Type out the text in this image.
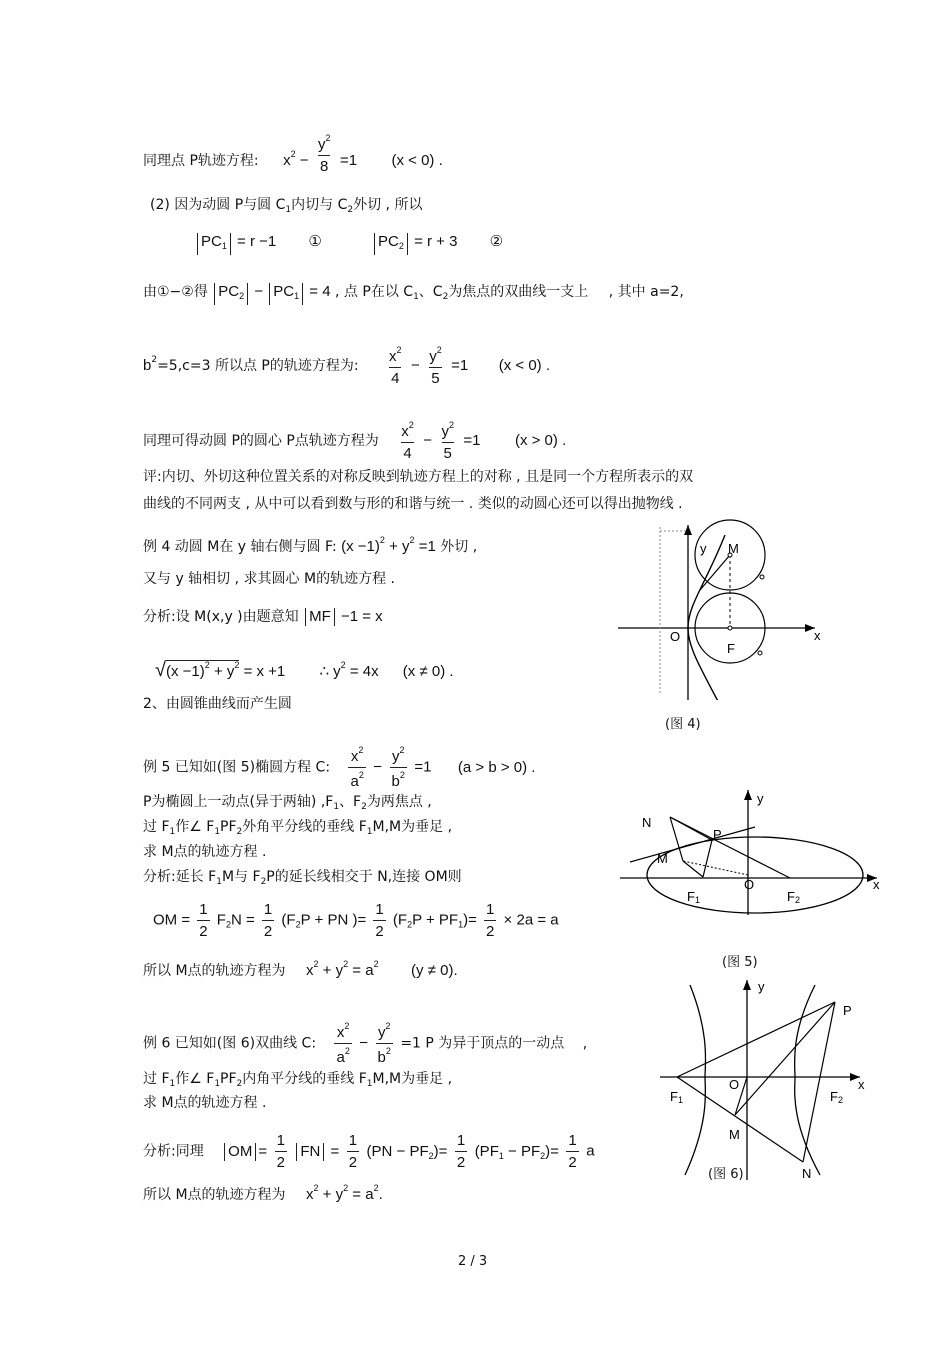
同理点 P轨迹方程: $x^2 - \frac{y^2}{8} =1$ (x < 0) .
(2) 因为动圆 P与圆 $C_1$内切与 $C_2$外切 , 所以
$PC_1 = r -1$ ①	$PC_2 = r + 3$ ②
由①−②得 $PC_2 - PC_1 = 4$ , 点 P在以 $C_1$、$C_2$为焦点的双曲线一支上 , 其中 a=2,
$b^2=5,c=3$ 所以点 P的轨迹方程为: $\frac{x^2}{4} - \frac{y^2}{5} =1$ (x < 0) .
同理可得动圆 P的圆心 P点轨迹方程为 $\frac{x^2}{4} - \frac{y^2}{5} =1$ (x > 0) .
评:内切、外切这种位置关系的对称反映到轨迹方程上的对称 , 且是同一个方程所表示的双
曲线的不同两支 , 从中可以看到数与形的和谐与统一 . 类似的动圆心还可以得出抛物线 .
例 4 动圆 M在 y 轴右侧与圆 F: $(x -1)^2 + y^2 =1$ 外切 ,
又与 y 轴相切 , 求其圆心 M的轨迹方程 .
分析:设 M(x,y )由题意知 MF −1 = x
$√(x -1)^2 + y^2 = x +1$ ∴ $y^2 = 4x$ (x ≠ 0) .
2、由圆锥曲线而产生圆
例 5 已知如(图 5)椭圆方程 C: $\frac{x^2}{a^2} - \frac{y^2}{b^2} =1$ (a > b > 0) .
P为椭圆上一动点(异于两轴) $,F_1$、$F_2$为两焦点 ,
过 $F_1$作∠ $F_1PF_2$外角平分线的垂线 $F_1M,M$为垂足 ,
求 M点的轨迹方程 .
分析:延长 $F_1M$与 $F_2P$的延长线相交于 N,连接 OM则
OM = $\frac{1}{2} F_2N = \frac{1}{2} (F_2P$ + PN )= $\frac{1}{2} (F_2P + PF_1)= \frac{1}{2} \times 2a = a$
所以 M点的轨迹方程为 $x^2 + y^2 = a^2$ (y ≠ 0).
例 6 已知如(图 6)双曲线 C: $\frac{x^2}{a^2} - \frac{y^2}{b^2} =1$ P 为异于顶点的一动点 ,
过 $F_1$作∠ $F_1PF_2$内角平分线的垂线 $F_1M,M$为垂足 ,
求 M点的轨迹方程 .
分析:同理 OM = $\frac{1}{2}$ FN = $\frac{1}{2} (PN - PF_2)= \frac{1}{2} (PF_1 - PF_2)= \frac{1}{2}$ a
所以 M点的轨迹方程为 $x^2 + y^2 = a^2$.
y M
O
F
x
(图 4)
y
N
P
M
O
F1	F2
x
(图 5)
y
P
O	x
F1	F2
M
N
(图 6)
2 / 3
